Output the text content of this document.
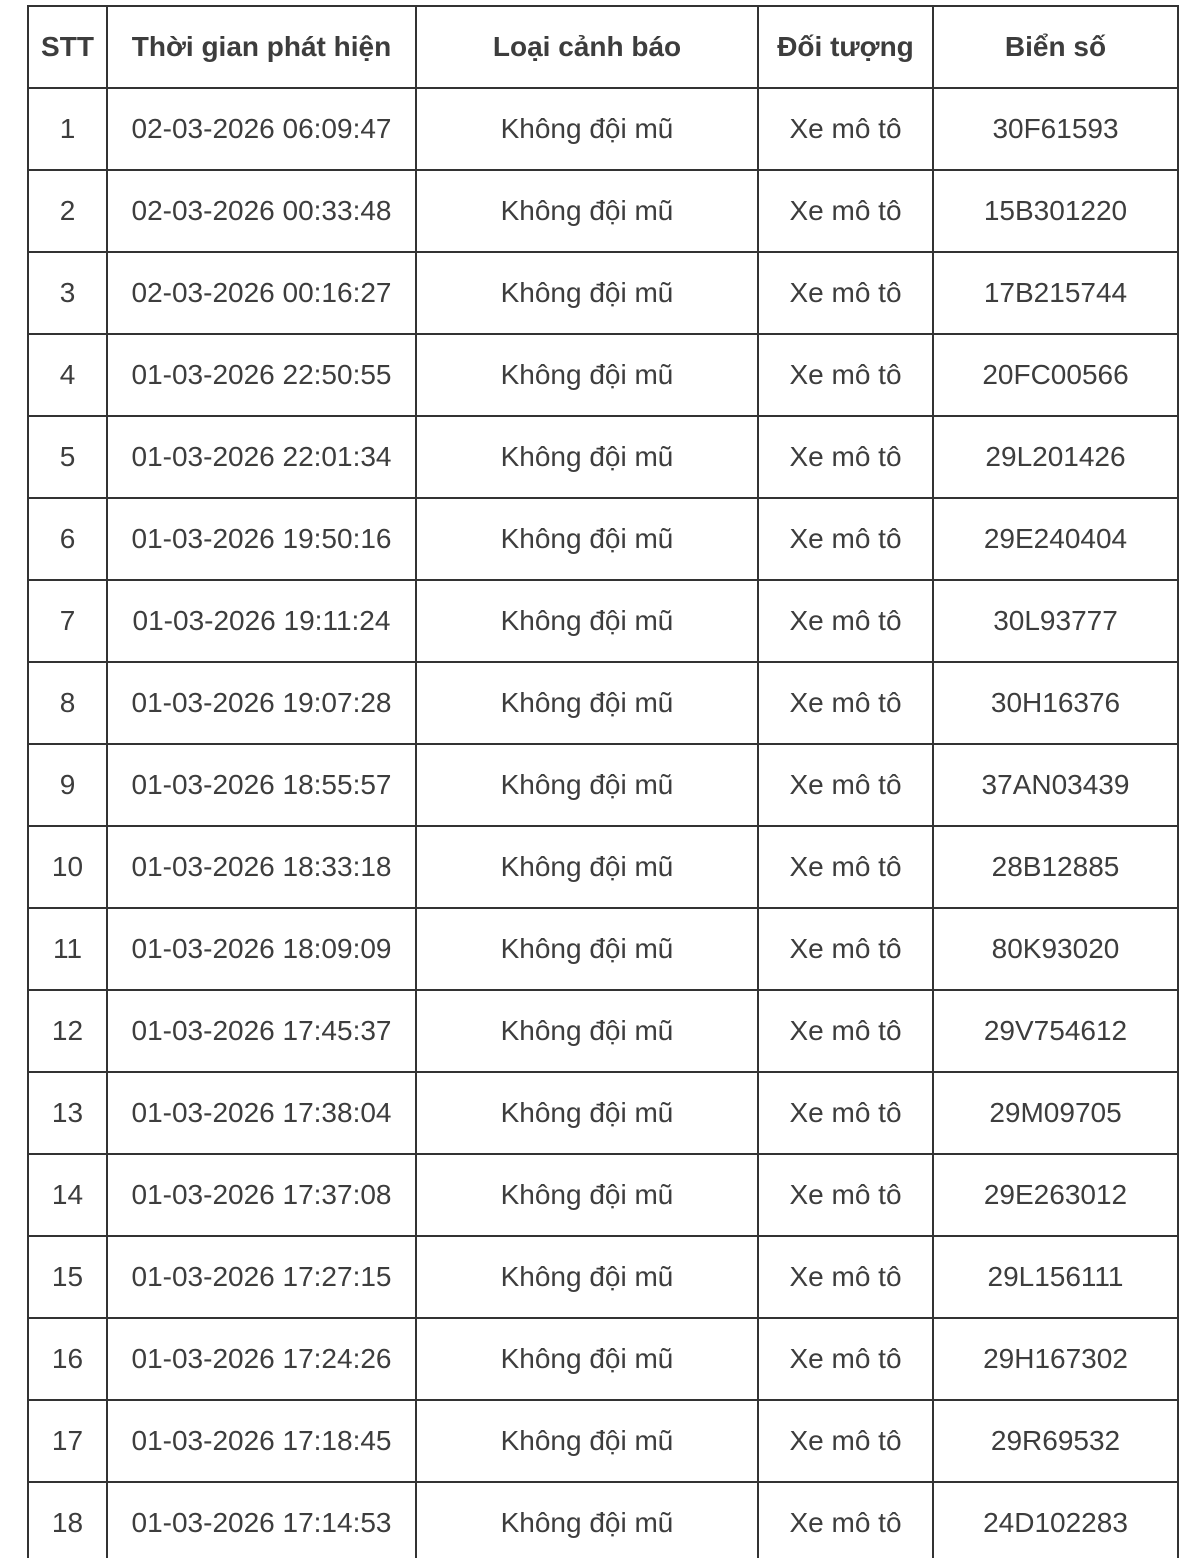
STT	Thời gian phát hiện	Loại cảnh báo	Đối tượng	Biển số
1	02-03-2026 06:09:47	Không đội mũ	Xe mô tô	30F61593
2	02-03-2026 00:33:48	Không đội mũ	Xe mô tô	15B301220
3	02-03-2026 00:16:27	Không đội mũ	Xe mô tô	17B215744
4	01-03-2026 22:50:55	Không đội mũ	Xe mô tô	20FC00566
5	01-03-2026 22:01:34	Không đội mũ	Xe mô tô	29L201426
6	01-03-2026 19:50:16	Không đội mũ	Xe mô tô	29E240404
7	01-03-2026 19:11:24	Không đội mũ	Xe mô tô	30L93777
8	01-03-2026 19:07:28	Không đội mũ	Xe mô tô	30H16376
9	01-03-2026 18:55:57	Không đội mũ	Xe mô tô	37AN03439
10	01-03-2026 18:33:18	Không đội mũ	Xe mô tô	28B12885
11	01-03-2026 18:09:09	Không đội mũ	Xe mô tô	80K93020
12	01-03-2026 17:45:37	Không đội mũ	Xe mô tô	29V754612
13	01-03-2026 17:38:04	Không đội mũ	Xe mô tô	29M09705
14	01-03-2026 17:37:08	Không đội mũ	Xe mô tô	29E263012
15	01-03-2026 17:27:15	Không đội mũ	Xe mô tô	29L156111
16	01-03-2026 17:24:26	Không đội mũ	Xe mô tô	29H167302
17	01-03-2026 17:18:45	Không đội mũ	Xe mô tô	29R69532
18	01-03-2026 17:14:53	Không đội mũ	Xe mô tô	24D102283
